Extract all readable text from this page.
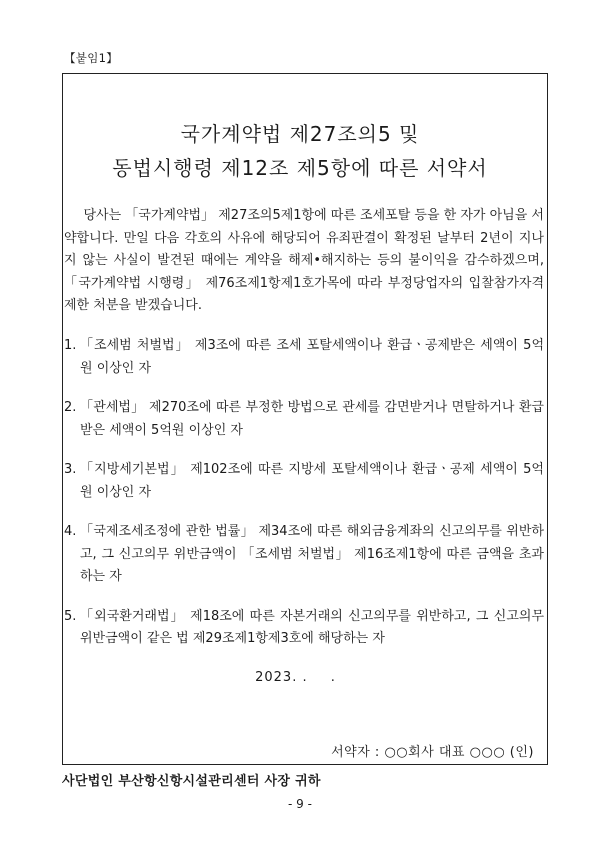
【붙임1】
국가계약법 제27조의5 및
동법시행령 제12조 제5항에 따른 서약서
당사는 「국가계약법」 제27조의5제1항에 따른 조세포탈 등을 한 자가 아님을 서약합니다. 만일 다음 각호의 사유에 해당되어 유죄판결이 확정된 날부터 2년이 지나지 않는 사실이 발견된 때에는 계약을 해제•해지하는 등의 불이익을 감수하겠으며, 「국가계약법 시행령」 제76조제1항제1호가목에 따라 부정당업자의 입찰참가자격제한 처분을 받겠습니다.
1. 「조세범 처벌법」 제3조에 따른 조세 포탈세액이나 환급ㆍ공제받은 세액이 5억원 이상인 자
2. 「관세법」 제270조에 따른 부정한 방법으로 관세를 감면받거나 면탈하거나 환급받은 세액이 5억원 이상인 자
3. 「지방세기본법」 제102조에 따른 지방세 포탈세액이나 환급ㆍ공제 세액이 5억원 이상인 자
4. 「국제조세조정에 관한 법률」 제34조에 따른 해외금융계좌의 신고의무를 위반하고, 그 신고의무 위반금액이 「조세범 처벌법」 제16조제1항에 따른 금액을 초과하는 자
5. 「외국환거래법」 제18조에 따른 자본거래의 신고의무를 위반하고, 그 신고의무 위반금액이 같은 법 제29조제1항제3호에 해당하는 자
2023. . .
서약자 : ○○회사 대표 ○○○ (인)
사단법인 부산항신항시설관리센터 사장 귀하
- 9 -
